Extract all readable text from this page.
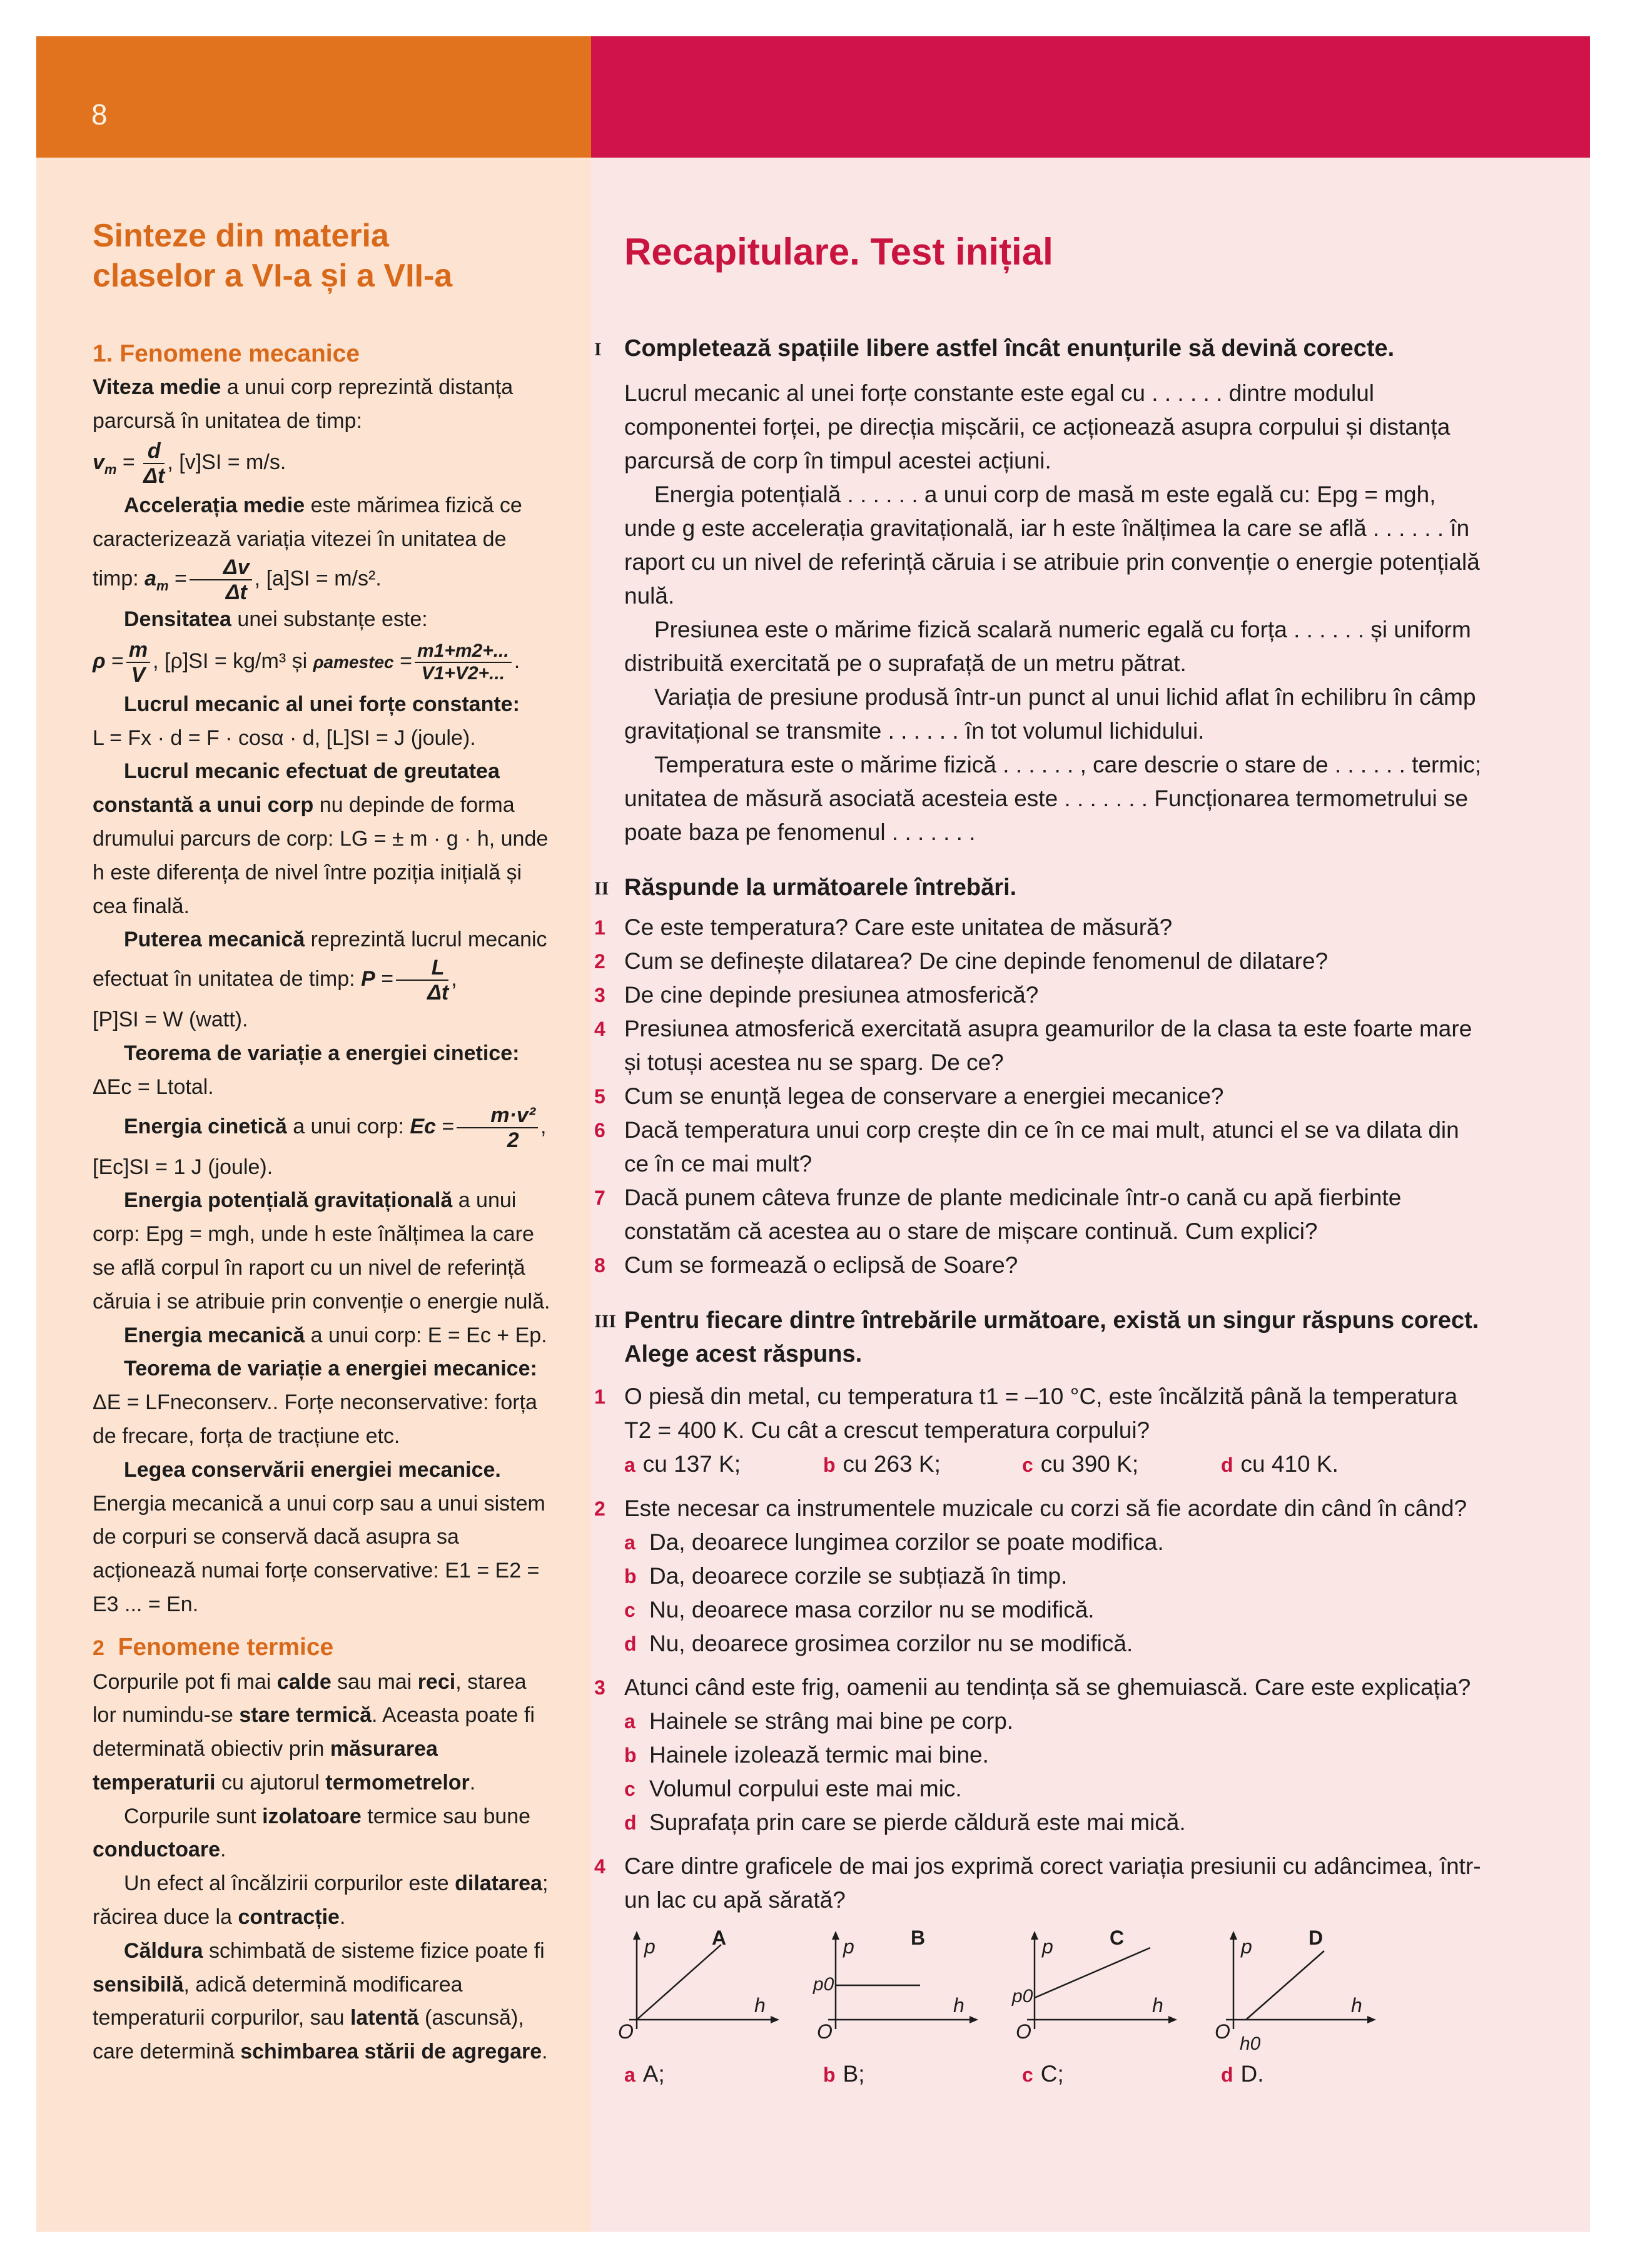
8
Sinteze din materia
claselor a VI-a și a VII-a
1. Fenomene mecanice

Viteza medie a unui corp reprezintă distanța parcursă în unitatea de timp:

$v_m = \frac{d}{\Delta t}$ , [v]SI = m/s.

Accelerația medie este mărimea fizică ce caracterizează variația vitezei în unitatea de timp: $a_m = \frac{\Delta v}{\Delta t}$ , [a]SI = m/s².

Densitatea unei substanțe este:

$\rho = \frac{m}{V}$ , [ρ]SI = kg/m³ și ρamestec = $\frac{m1+m2+...}{V1+V2+...}$ .

Lucrul mecanic al unei forțe constante:

L = Fx · d = F · cosα · d, [L]SI = J (joule).

Lucrul mecanic efectuat de greutatea constantă a unui corp nu depinde de forma drumului parcurs de corp: LG = ± m · g · h, unde h este diferența de nivel între poziția inițială și cea finală.

Puterea mecanică reprezintă lucrul mecanic efectuat în unitatea de timp: $P = \frac{L}{\Delta t}$ ,

[P]SI = W (watt).

Teorema de variație a energiei cinetice:

ΔEc = Ltotal.

Energia cinetică a unui corp: $Ec = \frac{\text{m·v²}}{2}$ ,

[Ec]SI = 1 J (joule).

Energia potențială gravitațională a unui corp: Epg = mgh, unde h este înălțimea la care se află corpul în raport cu un nivel de referință căruia i se atribuie prin convenție o energie nulă.

Energia mecanică a unui corp: E = Ec + Ep.

Teorema de variație a energiei mecanice:

ΔE = LFneconserv.. Forțe neconservative: forța de frecare, forța de tracțiune etc.

Legea conservării energiei mecanice.

Energia mecanică a unui corp sau a unui sistem de corpuri se conservă dacă asupra sa acționează numai forțe conservative: E1 = E2 = E3 ... = En.

2 Fenomene termice

Corpurile pot fi mai calde sau mai reci, starea lor numindu-se stare termică. Aceasta poate fi determinată obiectiv prin măsurarea temperaturii cu ajutorul termometrelor.

Corpurile sunt izolatoare termice sau bune conductoare.

Un efect al încălzirii corpurilor este dilatarea; răcirea duce la contracție.

Căldura schimbată de sisteme fizice poate fi sensibilă, adică determină modificarea temperaturii corpurilor, sau latentă (ascunsă), care determină schimbarea stării de agregare.

Recapitulare. Test inițial

I Completează spațiile libere astfel încât enunțurile să devină corecte.

Lucrul mecanic al unei forțe constante este egal cu . . . . . . dintre modulul componentei forței, pe direcția mișcării, ce acționează asupra corpului și distanța parcursă de corp în timpul acestei acțiuni.

Energia potențială . . . . . . a unui corp de masă m este egală cu: Epg = mgh, unde g este accelerația gravitațională, iar h este înălțimea la care se află . . . . . . în raport cu un nivel de referință căruia i se atribuie prin convenție o energie potențială nulă.

Presiunea este o mărime fizică scalară numeric egală cu forța . . . . . . și uniform distribuită exercitată pe o suprafață de un metru pătrat.

Variația de presiune produsă într-un punct al unui lichid aflat în echilibru în câmp gravitațional se transmite . . . . . . în tot volumul lichidului.

Temperatura este o mărime fizică . . . . . . , care descrie o stare de . . . . . . termic; unitatea de măsură asociată acesteia este . . . . . . . Funcționarea termometrului se poate baza pe fenomenul . . . . . . .

II Răspunde la următoarele întrebări.

1 Ce este temperatura? Care este unitatea de măsură?
2 Cum se definește dilatarea? De cine depinde fenomenul de dilatare?
3 De cine depinde presiunea atmosferică?
4 Presiunea atmosferică exercitată asupra geamurilor de la clasa ta este foarte mare și totuși acestea nu se sparg. De ce?
5 Cum se enunță legea de conservare a energiei mecanice?
6 Dacă temperatura unui corp crește din ce în ce mai mult, atunci el se va dilata din ce în ce mai mult?
7 Dacă punem câteva frunze de plante medicinale într-o cană cu apă fierbinte constatăm că acestea au o stare de mișcare continuă. Cum explici?
8 Cum se formează o eclipsă de Soare?

III Pentru fiecare dintre întrebările următoare, există un singur răspuns corect. Alege acest răspuns.

1 O piesă din metal, cu temperatura t1 = –10 °C, este încălzită până la temperatura T2 = 400 K. Cu cât a crescut temperatura corpului?

a cu 137 K;	b cu 263 K;	c cu 390 K;	d cu 410 K.
2 Este necesar ca instrumentele muzicale cu corzi să fie acordate din când în când?

a Da, deoarece lungimea corzilor se poate modifica.
b Da, deoarece corzile se subțiază în timp.
c Nu, deoarece masa corzilor nu se modifică.
d Nu, deoarece grosimea corzilor nu se modifică.
3 Atunci când este frig, oamenii au tendința să se ghemuiască. Care este explicația?

a Hainele se strâng mai bine pe corp.
b Hainele izolează termic mai bine.
c Volumul corpului este mai mic.
d Suprafața prin care se pierde căldură este mai mică.
4 Care dintre graficele de mai jos exprimă corect variația presiunii cu adâncimea, într-un lac cu apă sărată?

A
p
h
O
B
p
h
O
p0
C
p
h
O
p0
D
p
h
O
h0
a A;	b B;	c C;	d D.
